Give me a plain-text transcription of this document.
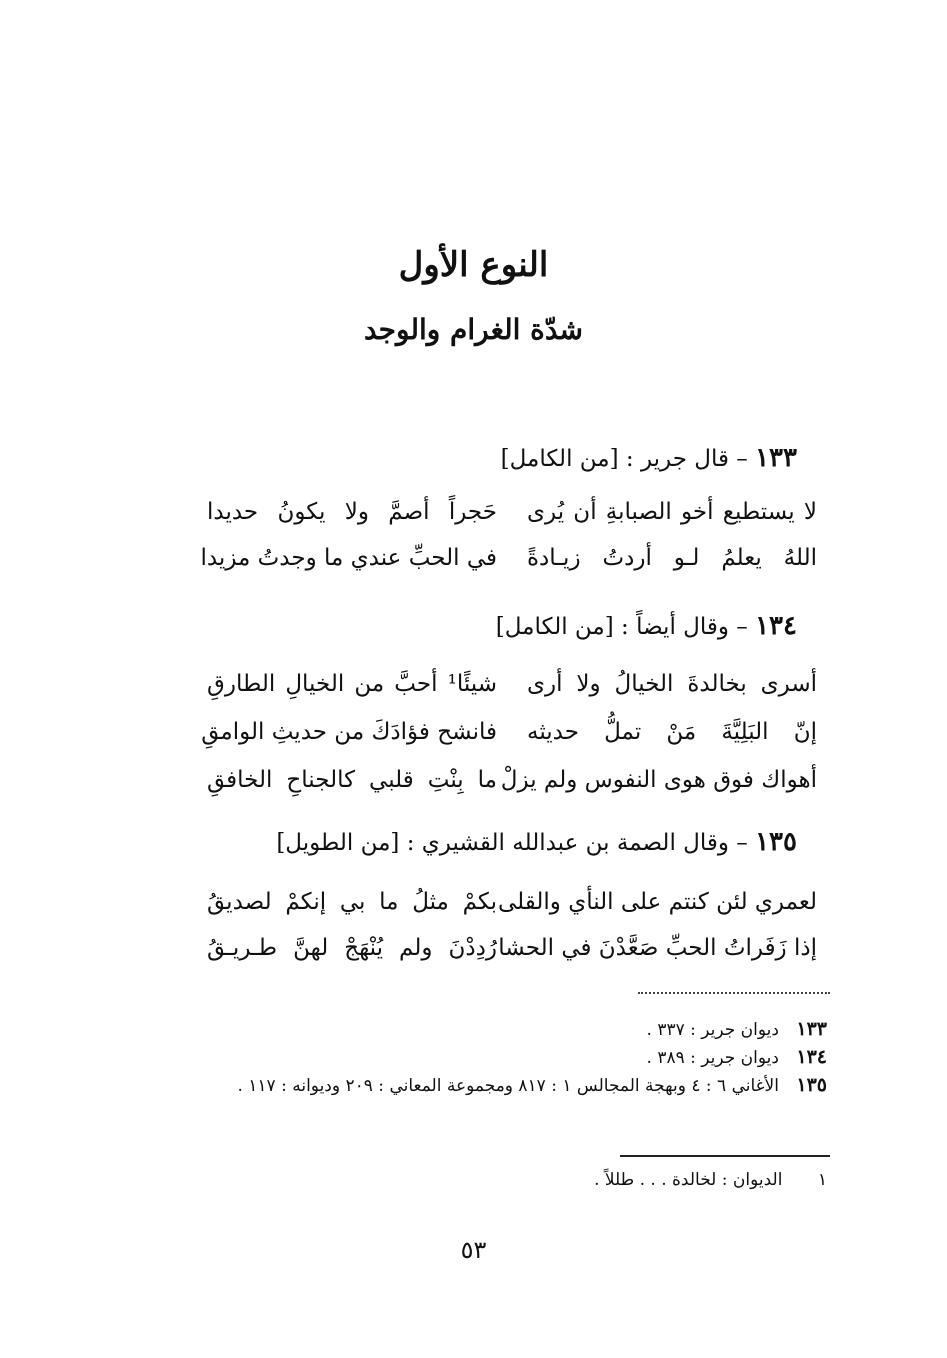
النوع الأول
شدّة الغرام والوجد
١٣٣ – قال جرير : [من الكامل]
لا يستطيع أخو الصبابةِ أن يُرى
حَجراً أصمَّ ولا يكونُ حديدا
اللهُ يعلمُ لـو أردتُ زيـادةً
في الحبِّ عندي ما وجدتُ مزيدا
١٣٤ – وقال أيضاً : [من الكامل]
أسرى بخالدةَ الخيالُ ولا أرى
شيئًا¹ أحبَّ من الخيالِ الطارقِ
إنّ البَلِيَّةَ مَنْ تملُّ حديثه
فانشح فؤادَكَ من حديثِ الوامقِ
أهواك فوق هوى النفوس ولم يزلْ
ما بِنْتِ قلبي كالجناحِ الخافقِ
١٣٥ – وقال الصمة بن عبدالله القشيري : [من الطويل]
لعمري لئن كنتم على النأي والقلى
بكمْ مثلُ ما بي إنكمْ لصديقُ
إذا زَفَراتُ الحبِّ صَعَّدْنَ في الحشا
رُدِدْنَ ولم يُنْهَجْ لهنَّ طـريـقُ
١٣٣ ديوان جرير : ٣٣٧ .
١٣٤ ديوان جرير : ٣٨٩ .
١٣٥ الأغاني ٦ : ٤ وبهجة المجالس ١ : ٨١٧ ومجموعة المعاني : ٢٠٩ وديوانه : ١١٧ .
١ الديوان : لخالدة . . . طللاً .
٥٣
